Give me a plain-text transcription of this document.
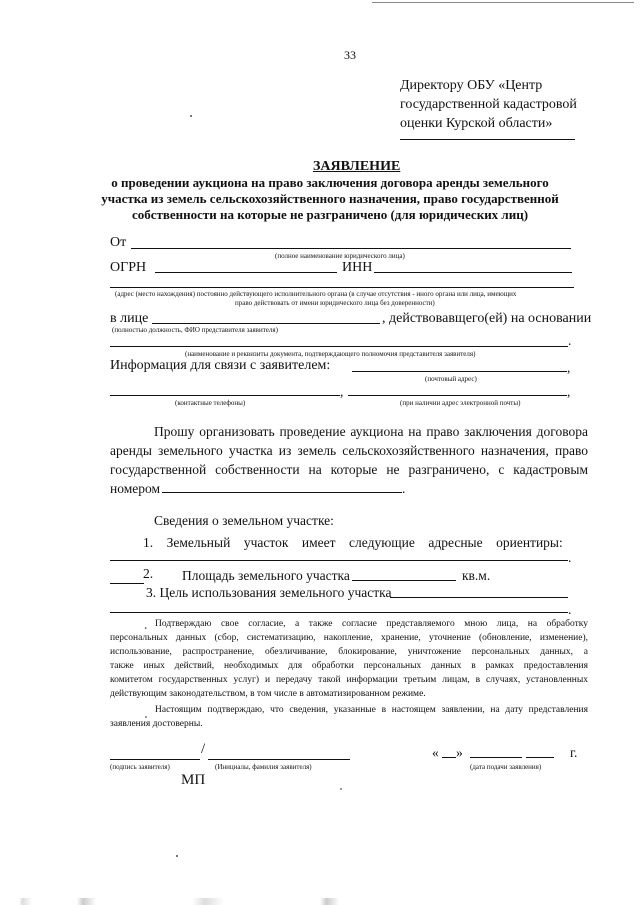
33
Директору ОБУ «Центр
государственной кадастровой
оценки Курской области»
ЗАЯВЛЕНИЕ
о проведении аукциона на право заключения договора аренды земельного
участка из земель сельскохозяйственного назначения, право государственной
собственности на которые не разграничено (для юридических лиц)
От
(полное наименование юридического лица)
ОГРН	ИНН
(адрес (место нахождения) постоянно действующего исполнительного органа (в случае отсутствия - иного органа или лица, имеющих
право действовать от имени юридического лица без доверенности)
в лице	, действовавщего(ей) на основании
(полностью должность, ФИО представителя заявителя)
.
(наименование и реквизиты документа, подтверждающего полномочия представителя заявителя)
Информация для связи с заявителем:	,
(почтовый адрес)
,	,
(контактные телефоны)	(при наличии адрес электронной почты)
Прошу организовать проведение аукциона на право заключения договора
аренды земельного участка из земель сельскохозяйственного назначения, право
государственной собственности на которые не разграничено, с кадастровым
номером	.
Сведения о земельном участке:
1.    Земельный    участок    имеет    следующие    адресные    ориентиры:
.
2. Площадь земельного участка	кв.м.
3. Цель использования земельного участка
.
¸ Подтверждаю свое согласие, а также согласие представляемого мною лица, на обработку
персональных данных (сбор, систематизацию, накопление, хранение, уточнение (обновление, изменение),
использование, распространение, обезличивание, блокирование, уничтожение персональных данных, а
также иных действий, необходимых для обработки персональных данных в рамках предоставления
комитетом государственных услуг) и передачу такой информации третьим лицам, в случаях, установленных
действующим законодательством, в том числе в автоматизированном режиме.
Настоящим подтверждаю, что сведения, указанные в настоящем заявлении, на дату представления
заявления достоверны.
/
(подпись заявителя)	(Инициалы, фамилия заявителя)
« »	г.
(дата подачи заявления)
МП
